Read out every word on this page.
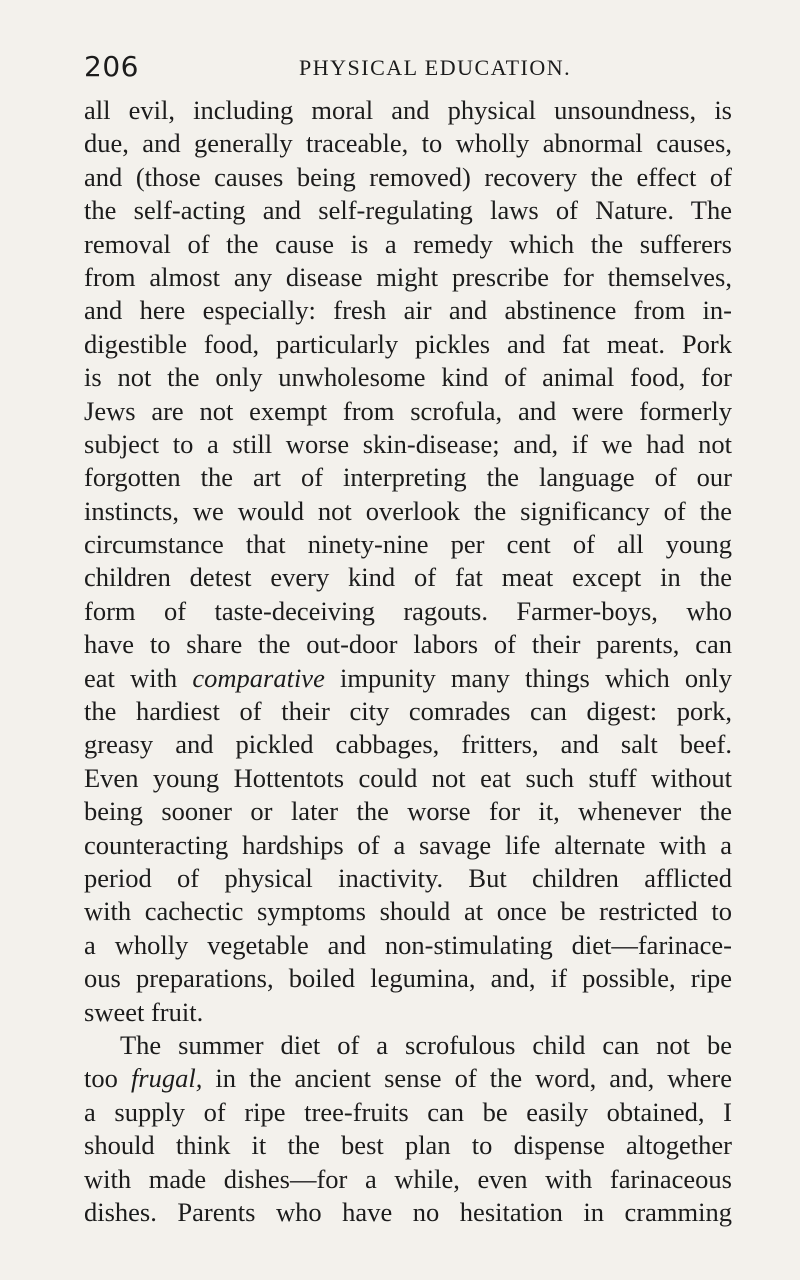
206	PHYSICAL EDUCATION.
all evil, including moral and physical unsoundness, is
due, and generally traceable, to wholly abnormal causes,
and (those causes being removed) recovery the effect of
the self-acting and self-regulating laws of Nature. The
removal of the cause is a remedy which the sufferers
from almost any disease might prescribe for themselves,
and here especially: fresh air and abstinence from in-
digestible food, particularly pickles and fat meat. Pork
is not the only unwholesome kind of animal food, for
Jews are not exempt from scrofula, and were formerly
subject to a still worse skin-disease; and, if we had not
forgotten the art of interpreting the language of our
instincts, we would not overlook the significancy of the
circumstance that ninety-nine per cent of all young
children detest every kind of fat meat except in the
form of taste-deceiving ragouts. Farmer-boys, who
have to share the out-door labors of their parents, can
eat with comparative impunity many things which only
the hardiest of their city comrades can digest: pork,
greasy and pickled cabbages, fritters, and salt beef.
Even young Hottentots could not eat such stuff without
being sooner or later the worse for it, whenever the
counteracting hardships of a savage life alternate with a
period of physical inactivity. But children afflicted
with cachectic symptoms should at once be restricted to
a wholly vegetable and non-stimulating diet—farinace-
ous preparations, boiled legumina, and, if possible, ripe
sweet fruit.
The summer diet of a scrofulous child can not be
too frugal, in the ancient sense of the word, and, where
a supply of ripe tree-fruits can be easily obtained, I
should think it the best plan to dispense altogether
with made dishes—for a while, even with farinaceous
dishes. Parents who have no hesitation in cramming
